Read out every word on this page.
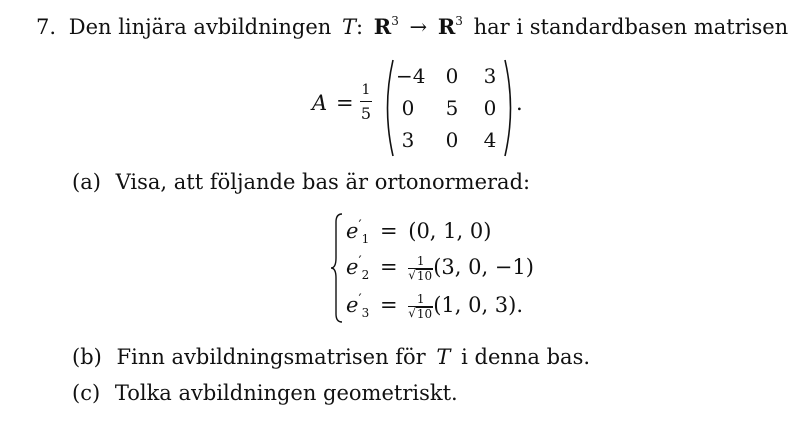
7. Den linjära avbildningen T: $R^3 \to R^3$ har i standardbasen matrisen
A =
1
5
−4 0 3
0 5 0
3 0 4
.
(a) Visa, att följande bas är ortonormerad:
$e'_1 = (0$, 1, 0)
$e'_2 = \frac{1}{√ 10} (3$, 0, −1)
$e'_3 = \frac{1}{√ 10} (1$, 0, 3).
(b) Finn avbildningsmatrisen för T i denna bas.
(c) Tolka avbildningen geometriskt.
